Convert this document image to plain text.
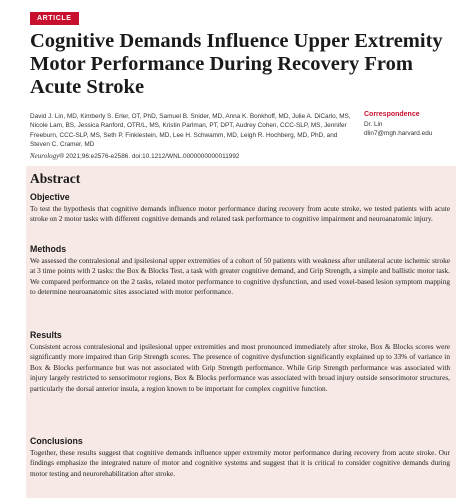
ARTICLE
Cognitive Demands Influence Upper Extremity Motor Performance During Recovery From Acute Stroke
David J. Lin, MD, Kimberly S. Erler, OT, PhD, Samuel B. Snider, MD, Anna K. Bonkhoff, MD, Julie A. DiCarlo, MS, Nicole Lam, BS, Jessica Ranford, OTR/L, MS, Kristin Parlman, PT, DPT, Audrey Cohen, CCC-SLP, MS, Jennifer Freeburn, CCC-SLP, MS, Seth P. Finklestein, MD, Lee H. Schwamm, MD, Leigh R. Hochberg, MD, PhD, and Steven C. Cramer, MD
Neurology® 2021;96:e2576-e2586. doi:10.1212/WNL.0000000000011992
Correspondence
Dr. Lin
dlin7@mgh.harvard.edu
Abstract
Objective

To test the hypothesis that cognitive demands influence motor performance during recovery from acute stroke, we tested patients with acute stroke on 2 motor tasks with different cognitive demands and related task performance to cognitive impairment and neuroanatomic injury.

Methods

We assessed the contralesional and ipsilesional upper extremities of a cohort of 50 patients with weakness after unilateral acute ischemic stroke at 3 time points with 2 tasks: the Box & Blocks Test, a task with greater cognitive demand, and Grip Strength, a simple and ballistic motor task. We compared performance on the 2 tasks, related motor performance to cognitive dysfunction, and used voxel-based lesion symptom mapping to determine neuroanatomic sites associated with motor performance.

Results

Consistent across contralesional and ipsilesional upper extremities and most pronounced immediately after stroke, Box & Blocks scores were significantly more impaired than Grip Strength scores. The presence of cognitive dysfunction significantly explained up to 33% of variance in Box & Blocks performance but was not associated with Grip Strength performance. While Grip Strength performance was associated with injury largely restricted to sensorimotor regions, Box & Blocks performance was associated with broad injury outside sensorimotor structures, particularly the dorsal anterior insula, a region known to be important for complex cognitive function.

Conclusions

Together, these results suggest that cognitive demands influence upper extremity motor performance during recovery from acute stroke. Our findings emphasize the integrated nature of motor and cognitive systems and suggest that it is critical to consider cognitive demands during motor testing and neurorehabilitation after stroke.
